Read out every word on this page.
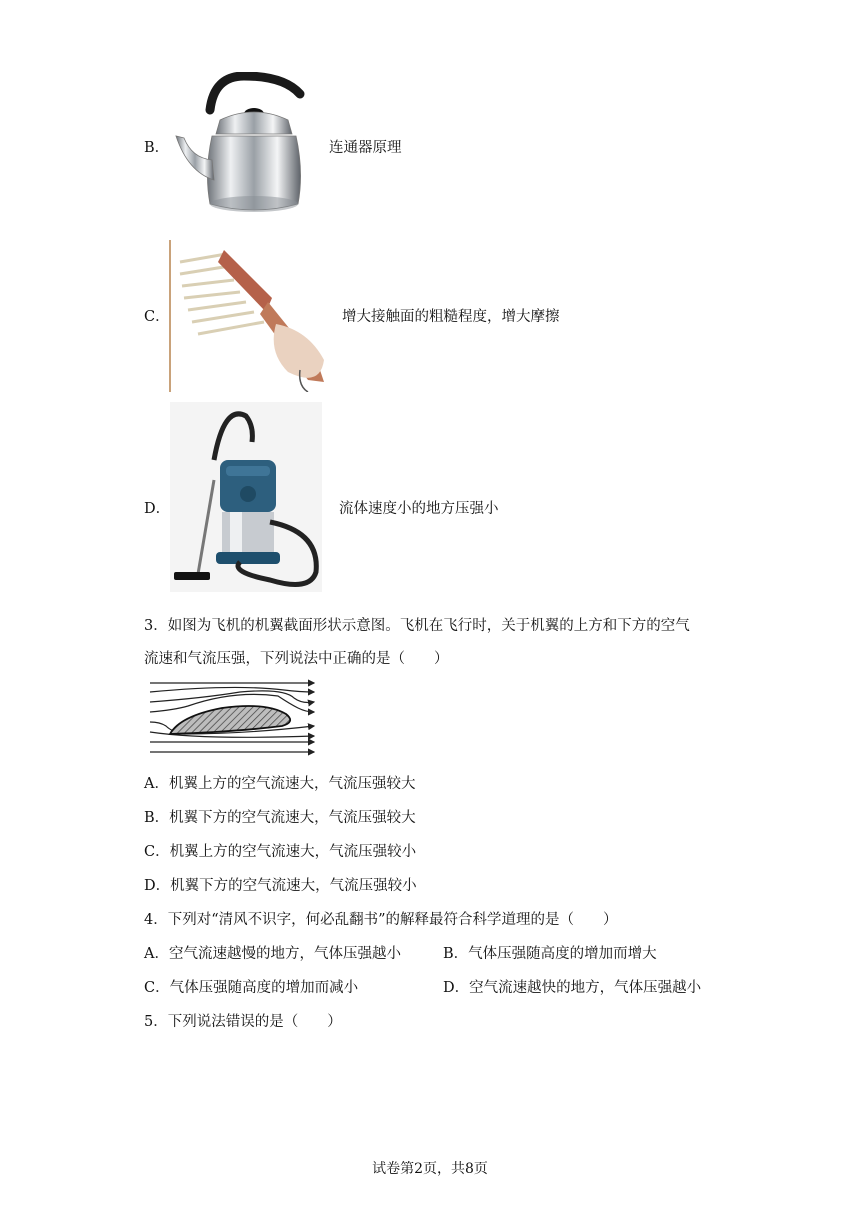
B．	连通器原理
C．	增大接触面的粗糙程度，增大摩擦
D．	流体速度小的地方压强小
3．如图为飞机的机翼截面形状示意图。飞机在飞行时，关于机翼的上方和下方的空气
流速和气流压强，下列说法中正确的是（　　）
A．机翼上方的空气流速大，气流压强较大
B．机翼下方的空气流速大，气流压强较大
C．机翼上方的空气流速大，气流压强较小
D．机翼下方的空气流速大，气流压强较小
4．下列对“清风不识字，何必乱翻书”的解释最符合科学道理的是（　　）
A．空气流速越慢的地方，气体压强越小	B．气体压强随高度的增加而增大
C．气体压强随高度的增加而减小	D．空气流速越快的地方，气体压强越小
5．下列说法错误的是（　　）
试卷第2页，共8页
